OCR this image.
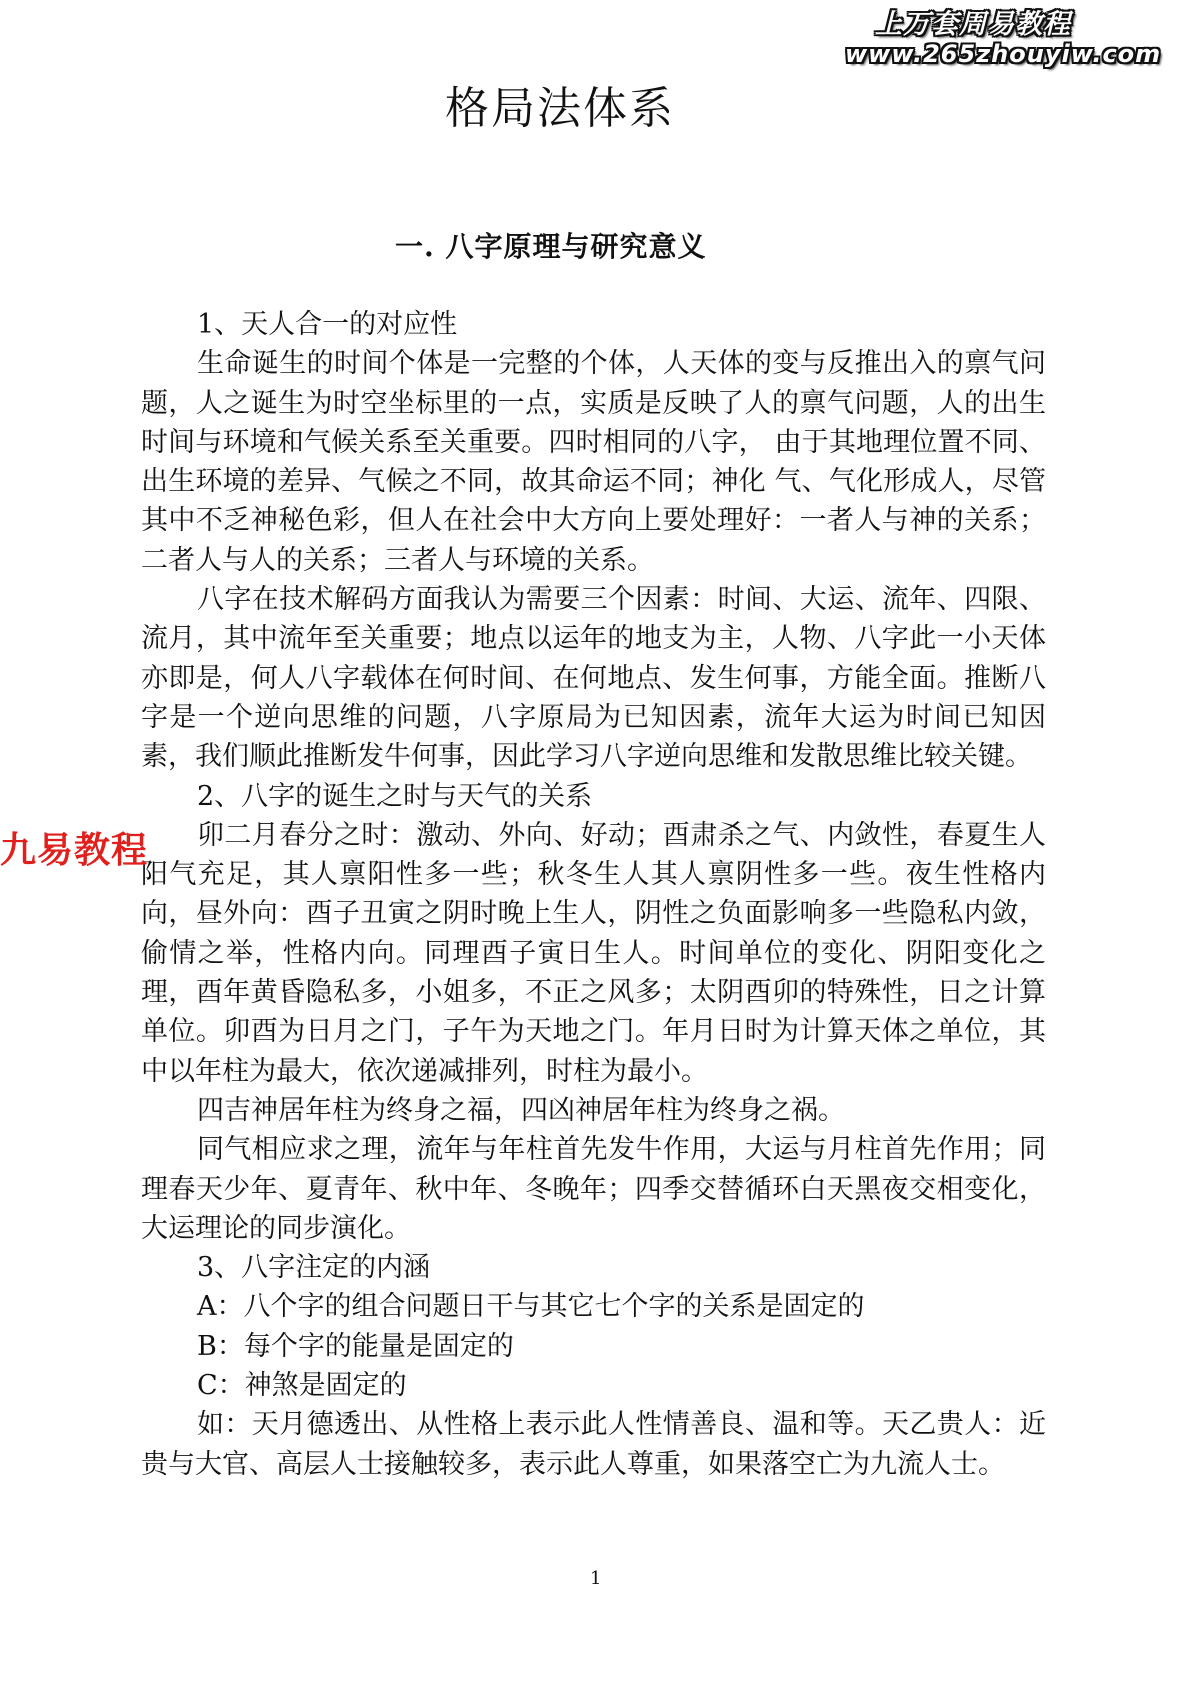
上万套周易教程
www.265zhouyiw.com
格局法体系
一. 八字原理与研究意义

1、天人合一的对应性

生命诞生的时间个体是一完整的个体，人天体的变与反推出入的禀气问题，人之诞生为时空坐标里的一点，实质是反映了人的禀气问题，人的出生时间与环境和气候关系至关重要。四时相同的八字， 由于其地理位置不同、出生环境的差异、气候之不同，故其命运不同；神化 气、气化形成人，尽管其中不乏神秘色彩，但人在社会中大方向上要处理好：一者人与神的关系；二者人与人的关系；三者人与环境的关系。

八字在技术解码方面我认为需要三个因素：时间、大运、流年、四限、流月，其中流年至关重要；地点以运年的地支为主，人物、八字此一小天体亦即是，何人八字载体在何时间、在何地点、发生何事，方能全面。推断八字是一个逆向思维的问题，八字原局为已知因素，流年大运为时间已知因素，我们顺此推断发牛何事，因此学习八字逆向思维和发散思维比较关键。

2、八字的诞生之时与天气的关系

卯二月春分之时：激动、外向、好动；酉肃杀之气、内敛性，春夏生人阳气充足，其人禀阳性多一些；秋冬生人其人禀阴性多一些。夜生性格内向，昼外向：酉子丑寅之阴时晚上生人，阴性之负面影响多一些隐私内敛，偷情之举，性格内向。同理酉子寅日生人。时间单位的变化、阴阳变化之理，酉年黄昏隐私多，小姐多，不正之风多；太阴酉卯的特殊性，日之计算单位。卯酉为日月之门，子午为天地之门。年月日时为计算天体之单位，其中以年柱为最大，依次递减排列，时柱为最小。

四吉神居年柱为终身之福，四凶神居年柱为终身之祸。

同气相应求之理，流年与年柱首先发牛作用，大运与月柱首先作用；同理春天少年、夏青年、秋中年、冬晚年；四季交替循环白天黑夜交相变化，大运理论的同步演化。

3、八字注定的内涵

A：八个字的组合问题日干与其它七个字的关系是固定的

B：每个字的能量是固定的

C：神煞是固定的

如：天月德透出、从性格上表示此人性情善良、温和等。天乙贵人：近贵与大官、高层人士接触较多，表示此人尊重，如果落空亡为九流人士。

九易教程
1
